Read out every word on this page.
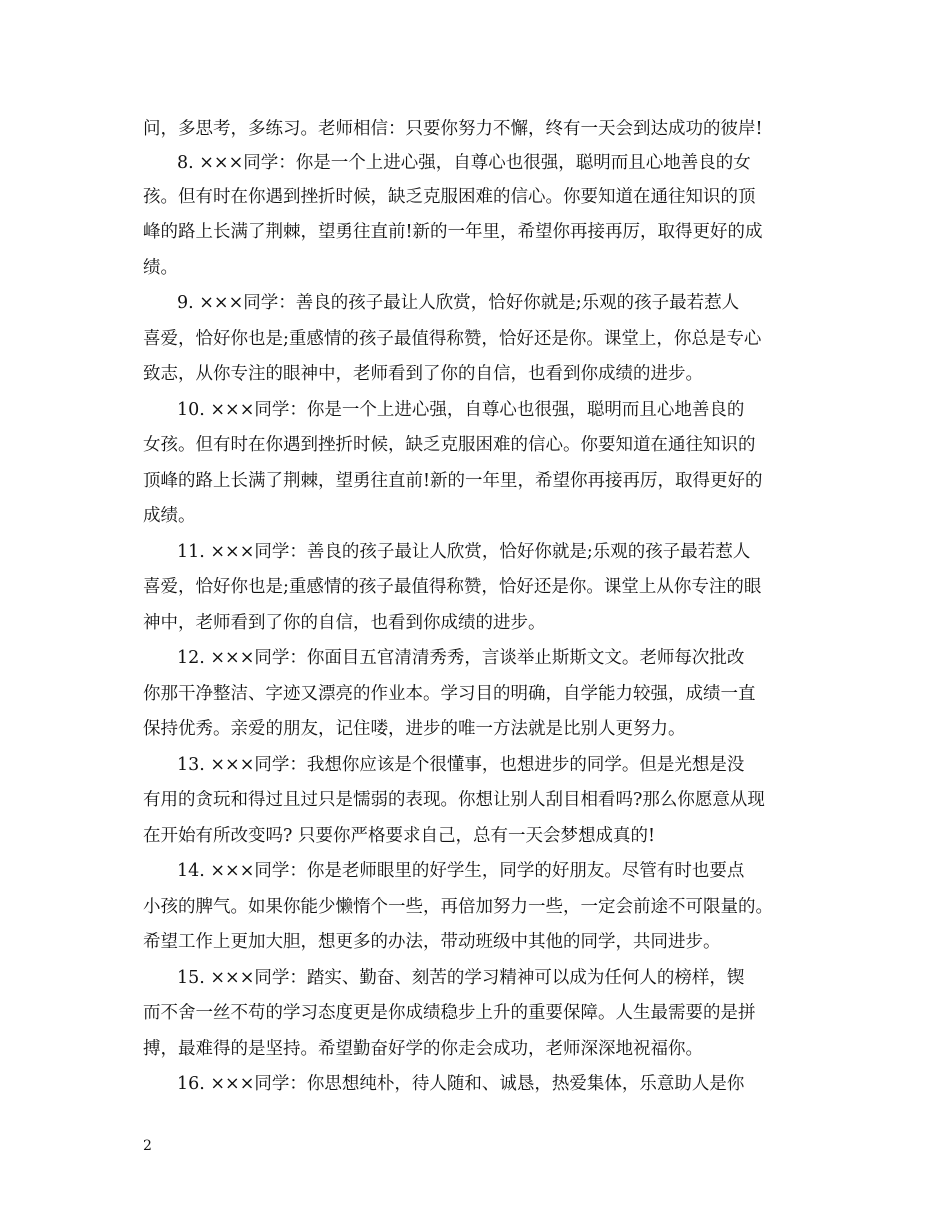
问，多思考，多练习。老师相信：只要你努力不懈，终有一天会到达成功的彼岸!
8. ×××同学：你是一个上进心强，自尊心也很强，聪明而且心地善良的女
孩。但有时在你遇到挫折时候，缺乏克服困难的信心。你要知道在通往知识的顶
峰的路上长满了荆棘，望勇往直前!新的一年里，希望你再接再厉，取得更好的成
绩。
9. ×××同学：善良的孩子最让人欣赏，恰好你就是;乐观的孩子最若惹人
喜爱，恰好你也是;重感情的孩子最值得称赞，恰好还是你。课堂上，你总是专心
致志，从你专注的眼神中，老师看到了你的自信，也看到你成绩的进步。
10. ×××同学：你是一个上进心强，自尊心也很强，聪明而且心地善良的
女孩。但有时在你遇到挫折时候，缺乏克服困难的信心。你要知道在通往知识的
顶峰的路上长满了荆棘，望勇往直前!新的一年里，希望你再接再厉，取得更好的
成绩。
11. ×××同学：善良的孩子最让人欣赏，恰好你就是;乐观的孩子最若惹人
喜爱，恰好你也是;重感情的孩子最值得称赞，恰好还是你。课堂上从你专注的眼
神中，老师看到了你的自信，也看到你成绩的进步。
12. ×××同学：你面目五官清清秀秀，言谈举止斯斯文文。老师每次批改
你那干净整洁、字迹又漂亮的作业本。学习目的明确，自学能力较强，成绩一直
保持优秀。亲爱的朋友，记住喽，进步的唯一方法就是比别人更努力。
13. ×××同学：我想你应该是个很懂事，也想进步的同学。但是光想是没
有用的贪玩和得过且过只是懦弱的表现。你想让别人刮目相看吗?那么你愿意从现
在开始有所改变吗? 只要你严格要求自己，总有一天会梦想成真的!
14. ×××同学：你是老师眼里的好学生，同学的好朋友。尽管有时也要点
小孩的脾气。如果你能少懒惰个一些，再倍加努力一些，一定会前途不可限量的。
希望工作上更加大胆，想更多的办法，带动班级中其他的同学，共同进步。
15. ×××同学：踏实、勤奋、刻苦的学习精神可以成为任何人的榜样，锲
而不舍一丝不苟的学习态度更是你成绩稳步上升的重要保障。人生最需要的是拼
搏，最难得的是坚持。希望勤奋好学的你走会成功，老师深深地祝福你。
16. ×××同学：你思想纯朴，待人随和、诚恳，热爱集体，乐意助人是你
2
